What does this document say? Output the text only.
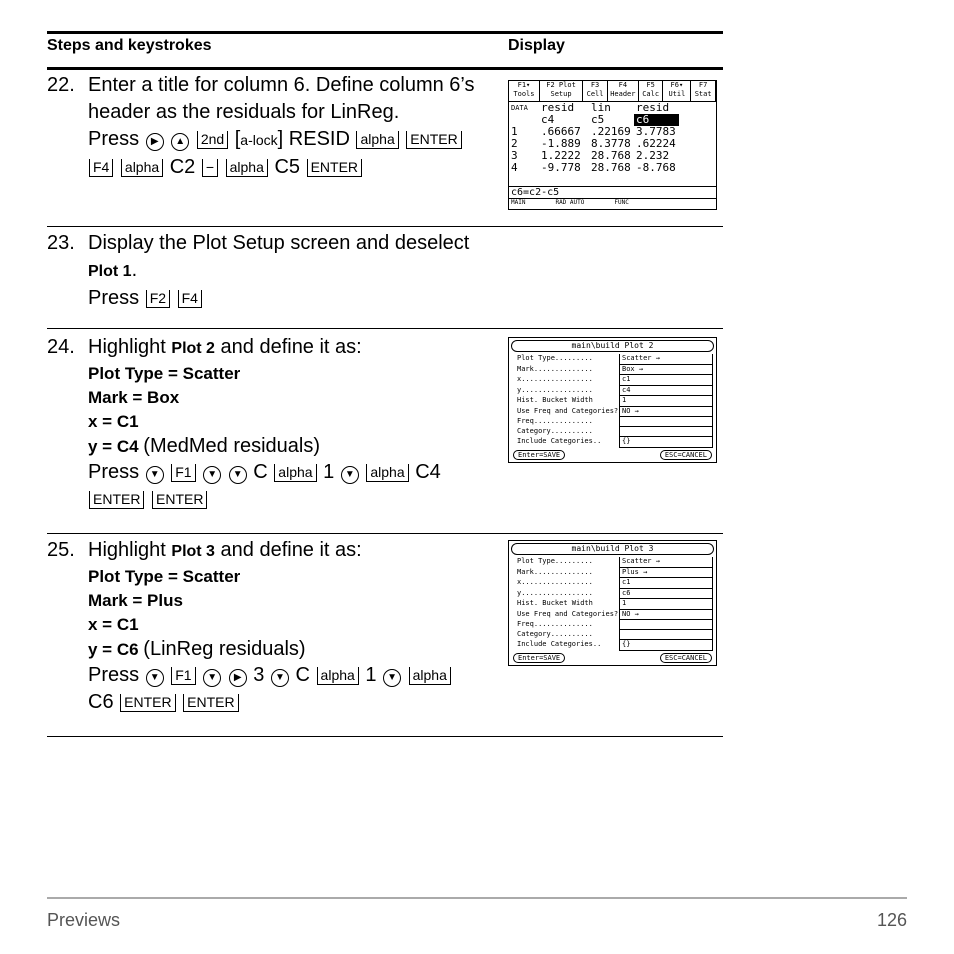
Steps and keystrokes	Display
22. Enter a title for column 6. Define column 6’s header as the residuals for LinReg.

Press ▶ ▲ 2nd [a-lock] RESID alpha ENTER
F4 alpha C2 − alpha C5 ENTER

F1▾ Tools
F2 Plot Setup
F3 Cell
F4 Header
F5 Calc
F6▾ Util
F7 Stat
DATA	resid	lin	resid
c4	c5	c6
1	.66667 .22169 3.7783
2	-1.889 8.3778 .62224
3	1.2222 28.768 2.232
4	-9.778 28.768 -8.768
c6=c2-c5
MAIN	RAD AUTO	FUNC
23. Display the Plot Setup screen and deselect Plot 1.

Press F2 F4

24. Highlight Plot 2 and define it as:

Plot Type = Scatter
Mark = Box
x = C1
y = C4 (MedMed residuals)

Press ▼ F1 ▼ ▼ C alpha 1 ▼ alpha C4
ENTER ENTER

main\build Plot 2
Plot Type.........	Scatter →
Mark..............	Box →
x.................	c1
y.................	c4
Hist. Bucket Width	1
Use Freq and Categories? NO →
Freq..............
Category..........
Include Categories..	{}
Enter=SAVE	ESC=CANCEL
25. Highlight Plot 3 and define it as:

Plot Type = Scatter
Mark = Plus
x = C1
y = C6 (LinReg residuals)

Press ▼ F1 ▼ ▶ 3 ▼ C alpha 1 ▼ alpha
C6 ENTER ENTER

main\build Plot 3
Plot Type.........	Scatter →
Mark..............	Plus →
x.................	c1
y.................	c6
Hist. Bucket Width	1
Use Freq and Categories? NO →
Freq..............
Category..........
Include Categories..	{}
Enter=SAVE	ESC=CANCEL
Previews	126
